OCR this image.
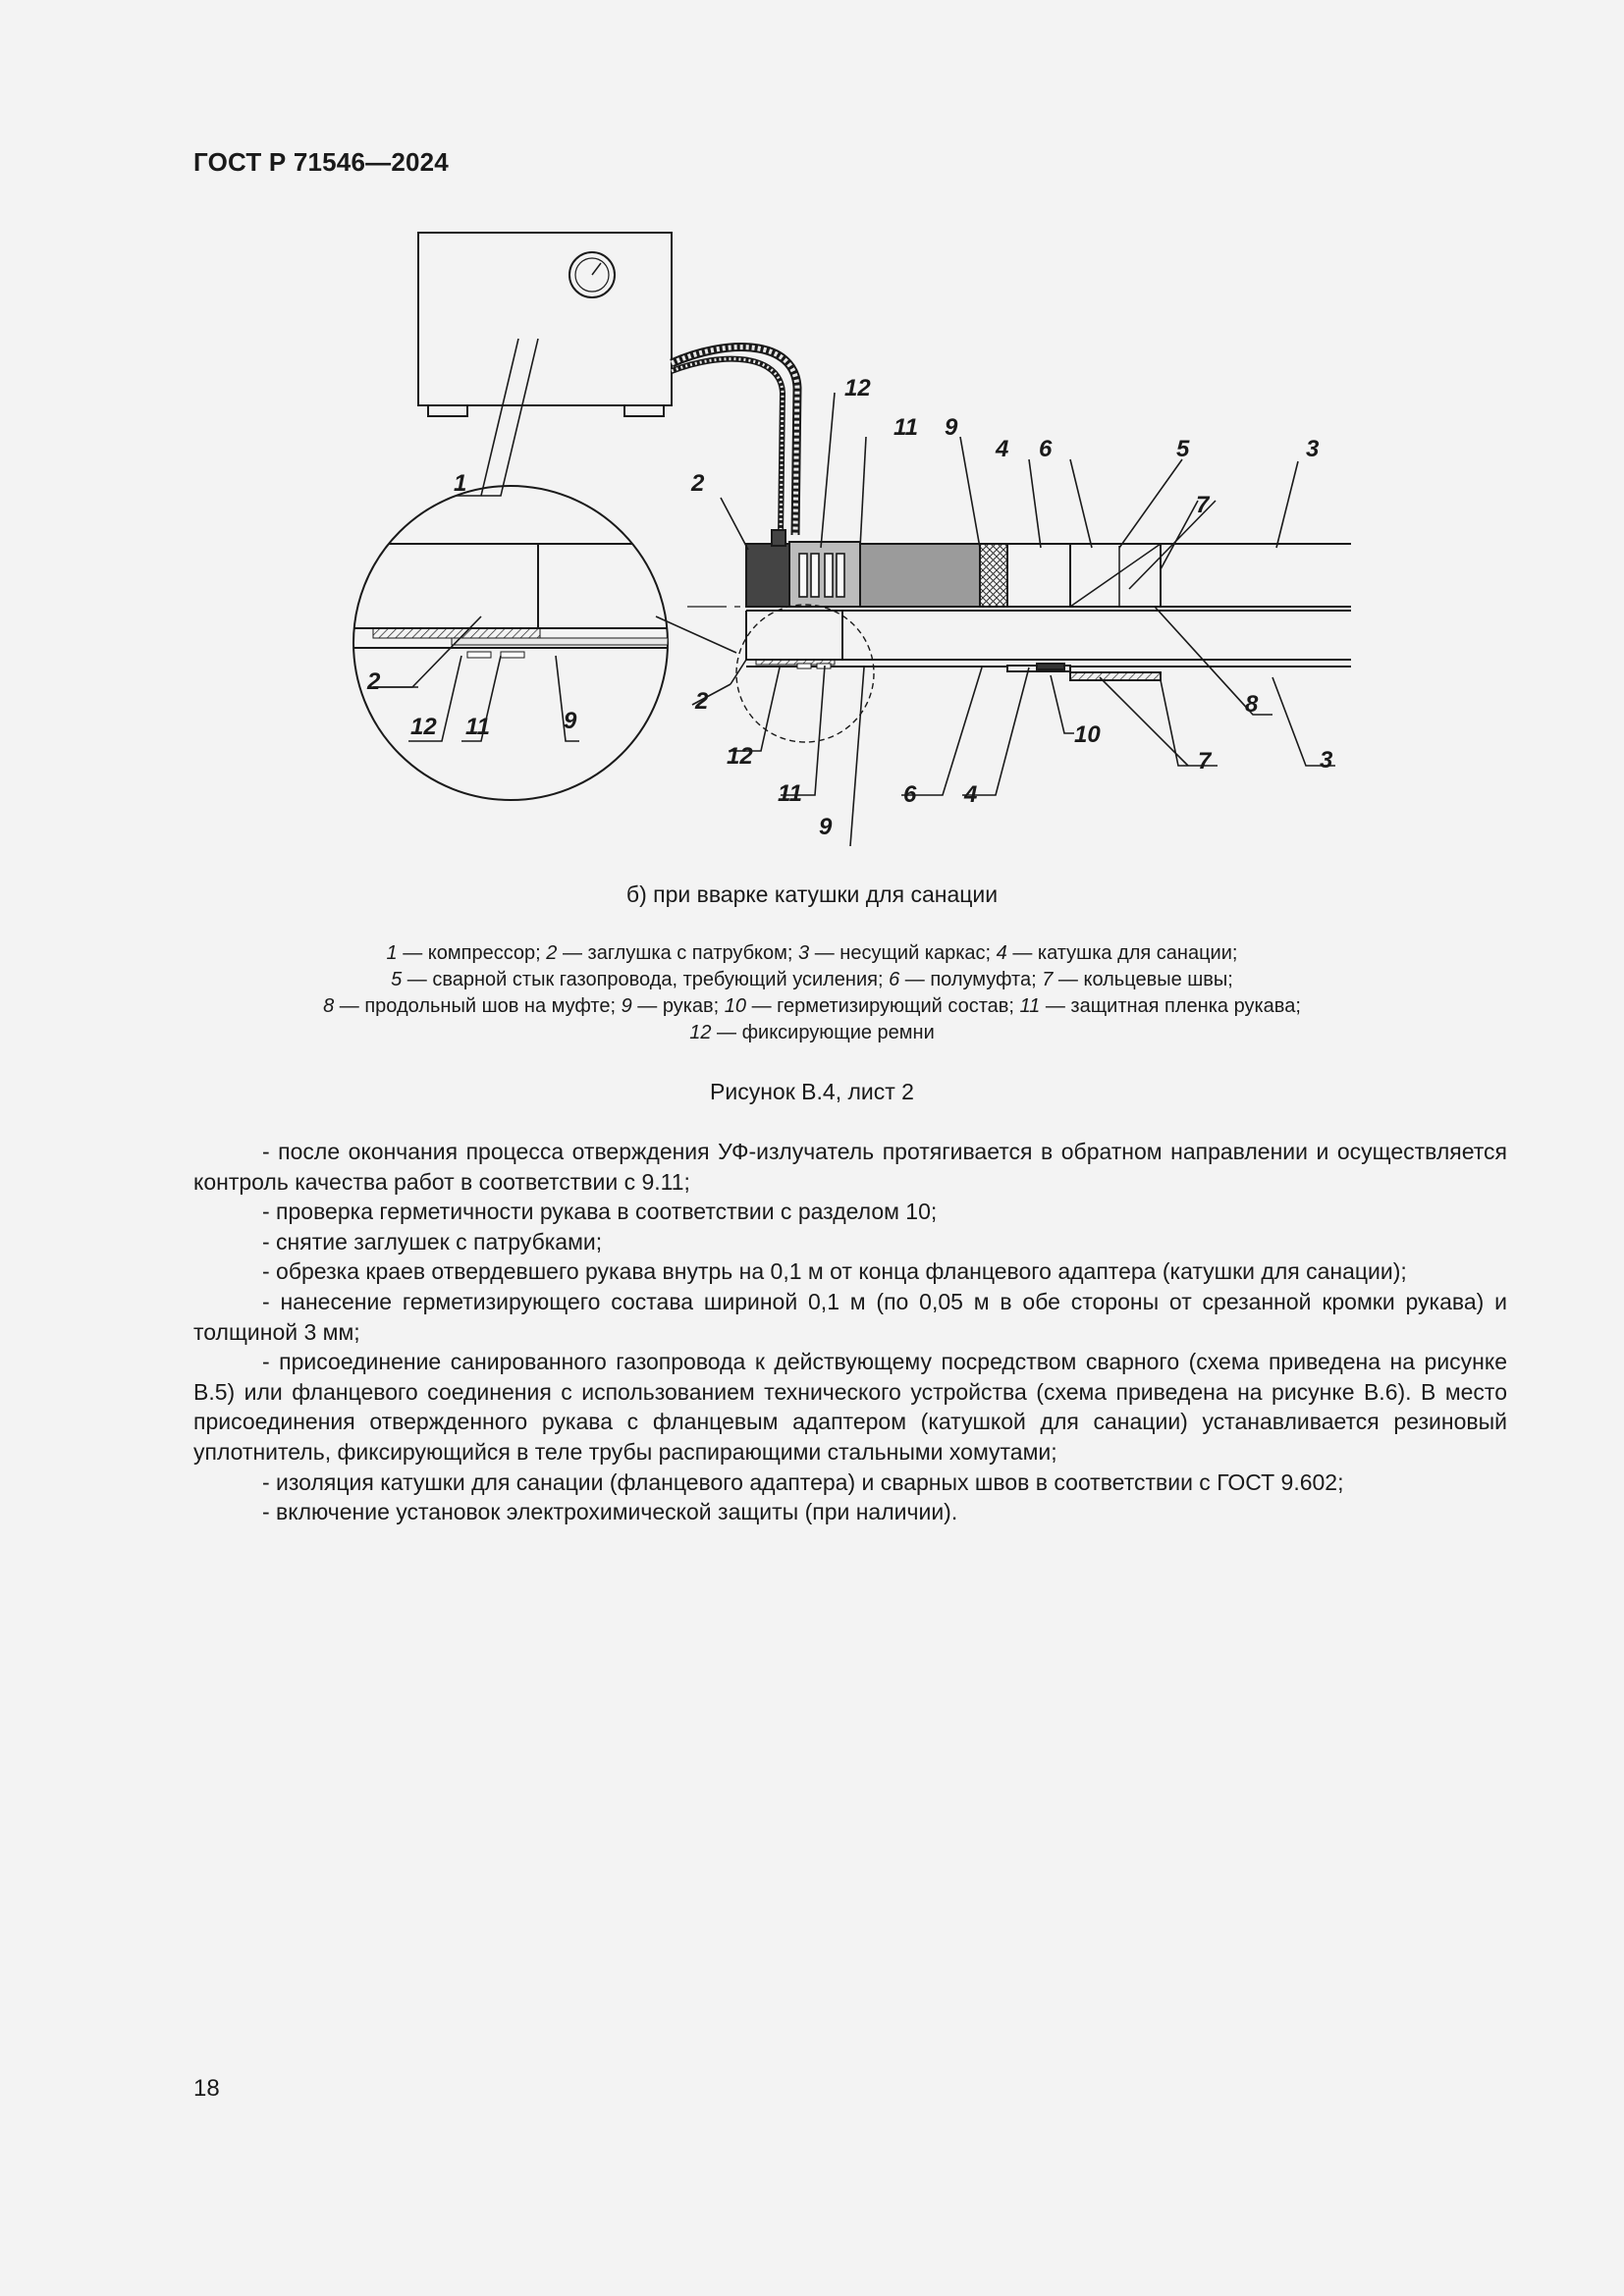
ГОСТ Р 71546—2024
1	2
2
2
3
3
4
4
5
6
6
7
7
8
9
9
9
10
11
11
11
12
12
12
б) при вварке катушки для санации
1 — компрессор; 2 — заглушка с патрубком; 3 — несущий каркас; 4 — катушка для санации;
5 — сварной стык газопровода, требующий усиления; 6 — полумуфта; 7 — кольцевые швы;
8 — продольный шов на муфте; 9 — рукав; 10 — герметизирующий состав; 11 — защитная пленка рукава;
12 — фиксирующие ремни
Рисунок В.4, лист 2

- после окончания процесса отверждения УФ-излучатель протягивается в обратном направлении и осуществляется контроль качества работ в соответствии с 9.11;

- проверка герметичности рукава в соответствии с разделом 10;

- снятие заглушек с патрубками;

- обрезка краев отвердевшего рукава внутрь на 0,1 м от конца фланцевого адаптера (катушки для санации);

- нанесение герметизирующего состава шириной 0,1 м (по 0,05 м в обе стороны от срезанной кромки рукава) и толщиной 3 мм;

- присоединение санированного газопровода к действующему посредством сварного (схема приведена на рисунке В.5) или фланцевого соединения с использованием технического устройства (схема приведена на рисунке В.6). В место присоединения отвержденного рукава с фланцевым адаптером (катушкой для санации) устанавливается резиновый уплотнитель, фиксирующийся в теле трубы распирающими стальными хомутами;

- изоляция катушки для санации (фланцевого адаптера) и сварных швов в соответствии с ГОСТ 9.602;

- включение установок электрохимической защиты (при наличии).

18
